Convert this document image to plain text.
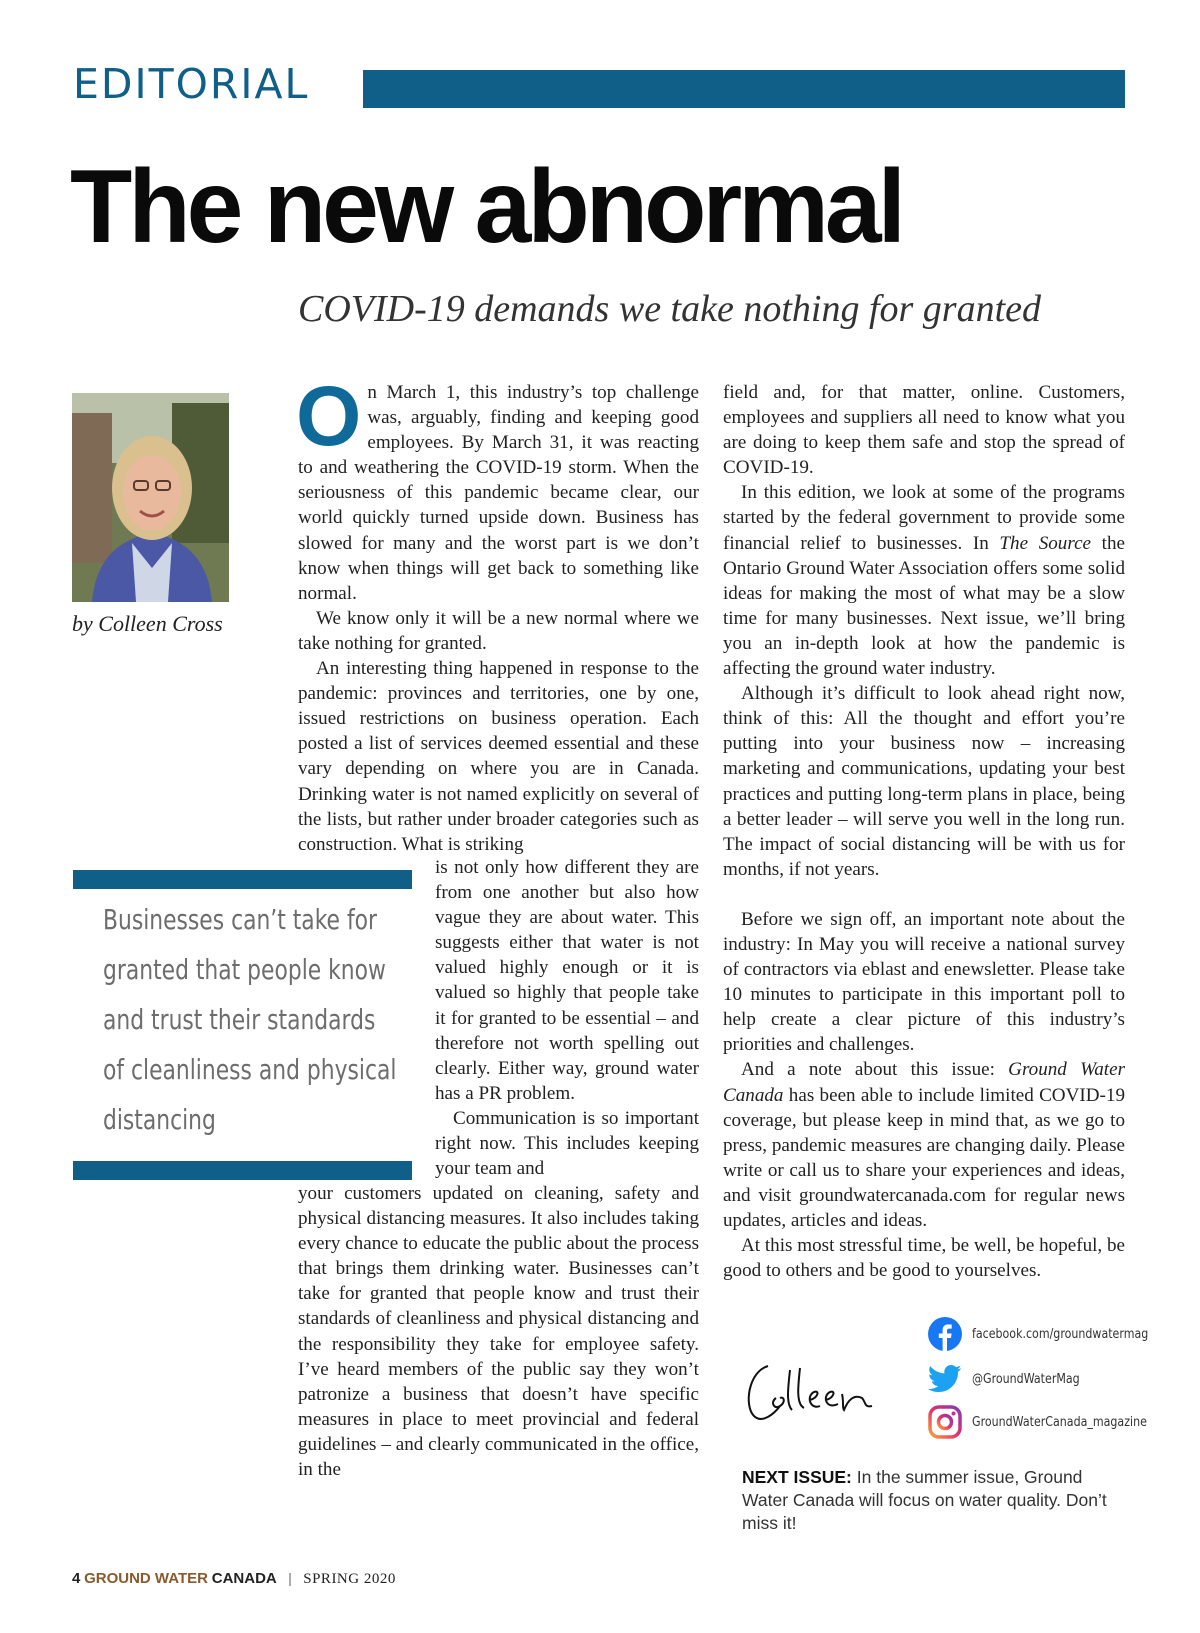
EDITORIAL
The new abnormal
COVID-19 demands we take nothing for granted
by Colleen Cross

On March 1, this industry’s top challenge was, arguably, finding and keeping good employees. By March 31, it was reacting to and weathering the COVID-19 storm. When the seriousness of this pandemic became clear, our world quickly turned upside down. Business has slowed for many and the worst part is we don’t know when things will get back to something like normal.

We know only it will be a new normal where we take nothing for granted.

An interesting thing happened in response to the pandemic: provinces and territories, one by one, issued restrictions on business operation. Each posted a list of services deemed essential and these vary depending on where you are in Canada. Drinking water is not named explicitly on several of the lists, but rather under broader categories such as construction. What is striking

Businesses can’t take for granted that people know and trust their standards of cleanliness and physical distancing

is not only how different they are from one another but also how vague they are about water. This suggests either that water is not valued highly enough or it is valued so highly that people take it for granted to be essential – and therefore not worth spelling out clearly. Either way, ground water has a PR problem.

Communication is so important right now. This includes keeping your team and

your customers updated on cleaning, safety and physical distancing measures. It also includes taking every chance to educate the public about the process that brings them drinking water. Businesses can’t take for granted that people know and trust their standards of cleanliness and physical distancing and the responsibility they take for employee safety. I’ve heard members of the public say they won’t patronize a business that doesn’t have specific measures in place to meet provincial and federal guidelines – and clearly communicated in the office, in the

field and, for that matter, online. Customers, employees and suppliers all need to know what you are doing to keep them safe and stop the spread of COVID-19.

In this edition, we look at some of the programs started by the federal government to provide some financial relief to businesses. In The Source the Ontario Ground Water Association offers some solid ideas for making the most of what may be a slow time for many businesses. Next issue, we’ll bring you an in-depth look at how the pandemic is affecting the ground water industry.

Although it’s difficult to look ahead right now, think of this: All the thought and effort you’re putting into your business now – increasing marketing and communications, updating your best practices and putting long-term plans in place, being a better leader – will serve you well in the long run. The impact of social distancing will be with us for months, if not years.

Before we sign off, an important note about the industry: In May you will receive a national survey of contractors via eblast and enewsletter. Please take 10 minutes to participate in this important poll to help create a clear picture of this industry’s priorities and challenges.

And a note about this issue: Ground Water Canada has been able to include limited COVID-19 coverage, but please keep in mind that, as we go to press, pandemic measures are changing daily. Please write or call us to share your experiences and ideas, and visit groundwatercanada.com for regular news updates, articles and ideas.

At this most stressful time, be well, be hopeful, be good to others and be good to yourselves.

facebook.com/groundwatermag
@GroundWaterMag
GroundWaterCanada_magazine
NEXT ISSUE: In the summer issue, Ground Water Canada will focus on water quality. Don’t miss it!
4 GROUND WATER CANADA | SPRING 2020
